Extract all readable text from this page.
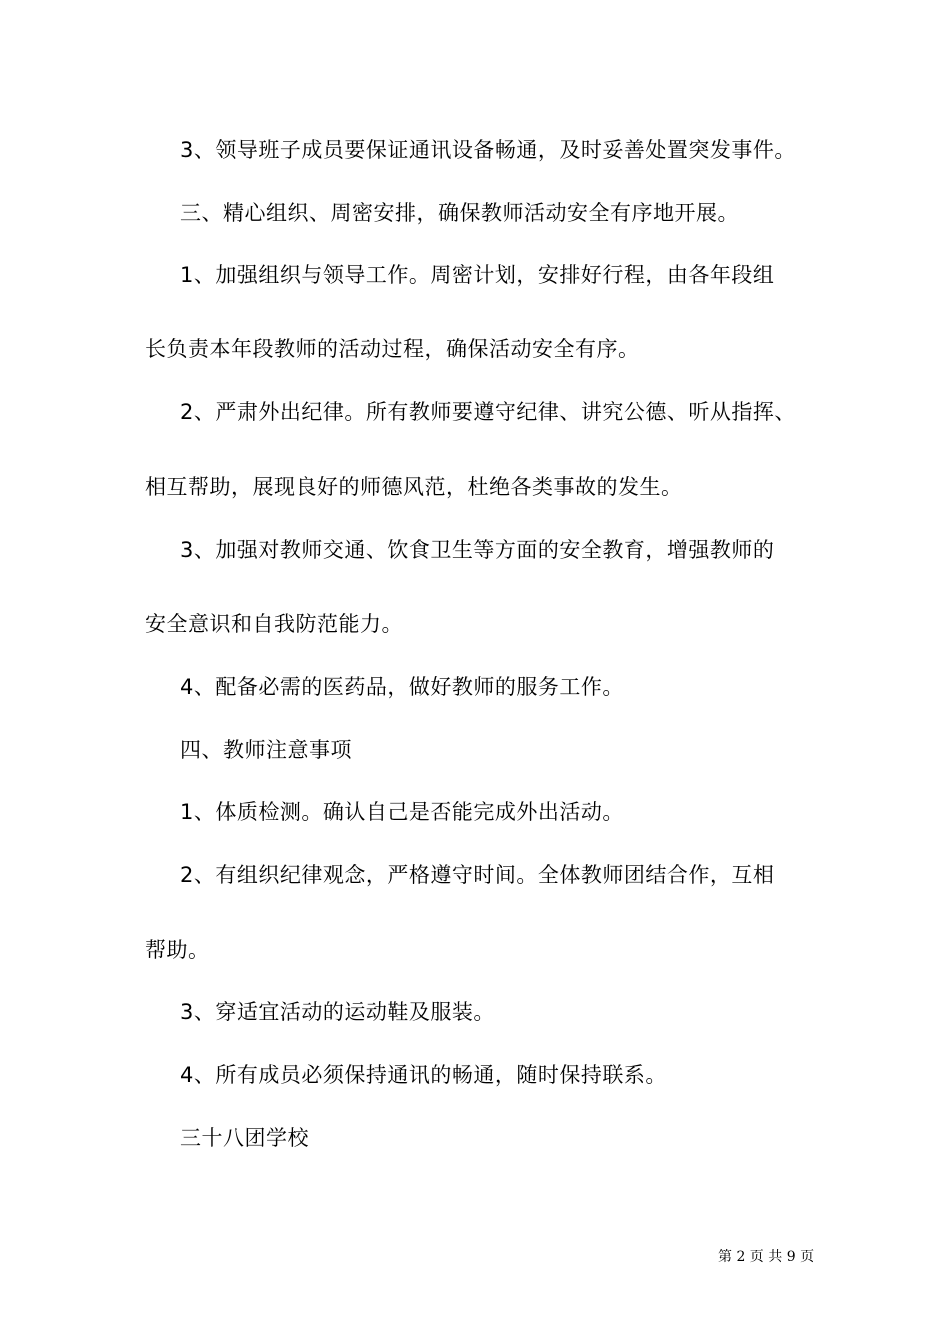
3、领导班子成员要保证通讯设备畅通，及时妥善处置突发事件。
三、精心组织、周密安排，确保教师活动安全有序地开展。
1、加强组织与领导工作。周密计划，安排好行程，由各年段组
长负责本年段教师的活动过程，确保活动安全有序。
2、严肃外出纪律。所有教师要遵守纪律、讲究公德、听从指挥、
相互帮助，展现良好的师德风范，杜绝各类事故的发生。
3、加强对教师交通、饮食卫生等方面的安全教育，增强教师的
安全意识和自我防范能力。
4、配备必需的医药品，做好教师的服务工作。
四、教师注意事项
1、体质检测。确认自己是否能完成外出活动。
2、有组织纪律观念，严格遵守时间。全体教师团结合作，互相
帮助。
3、穿适宜活动的运动鞋及服装。
4、所有成员必须保持通讯的畅通，随时保持联系。
三十八团学校
第 2 页 共 9 页
